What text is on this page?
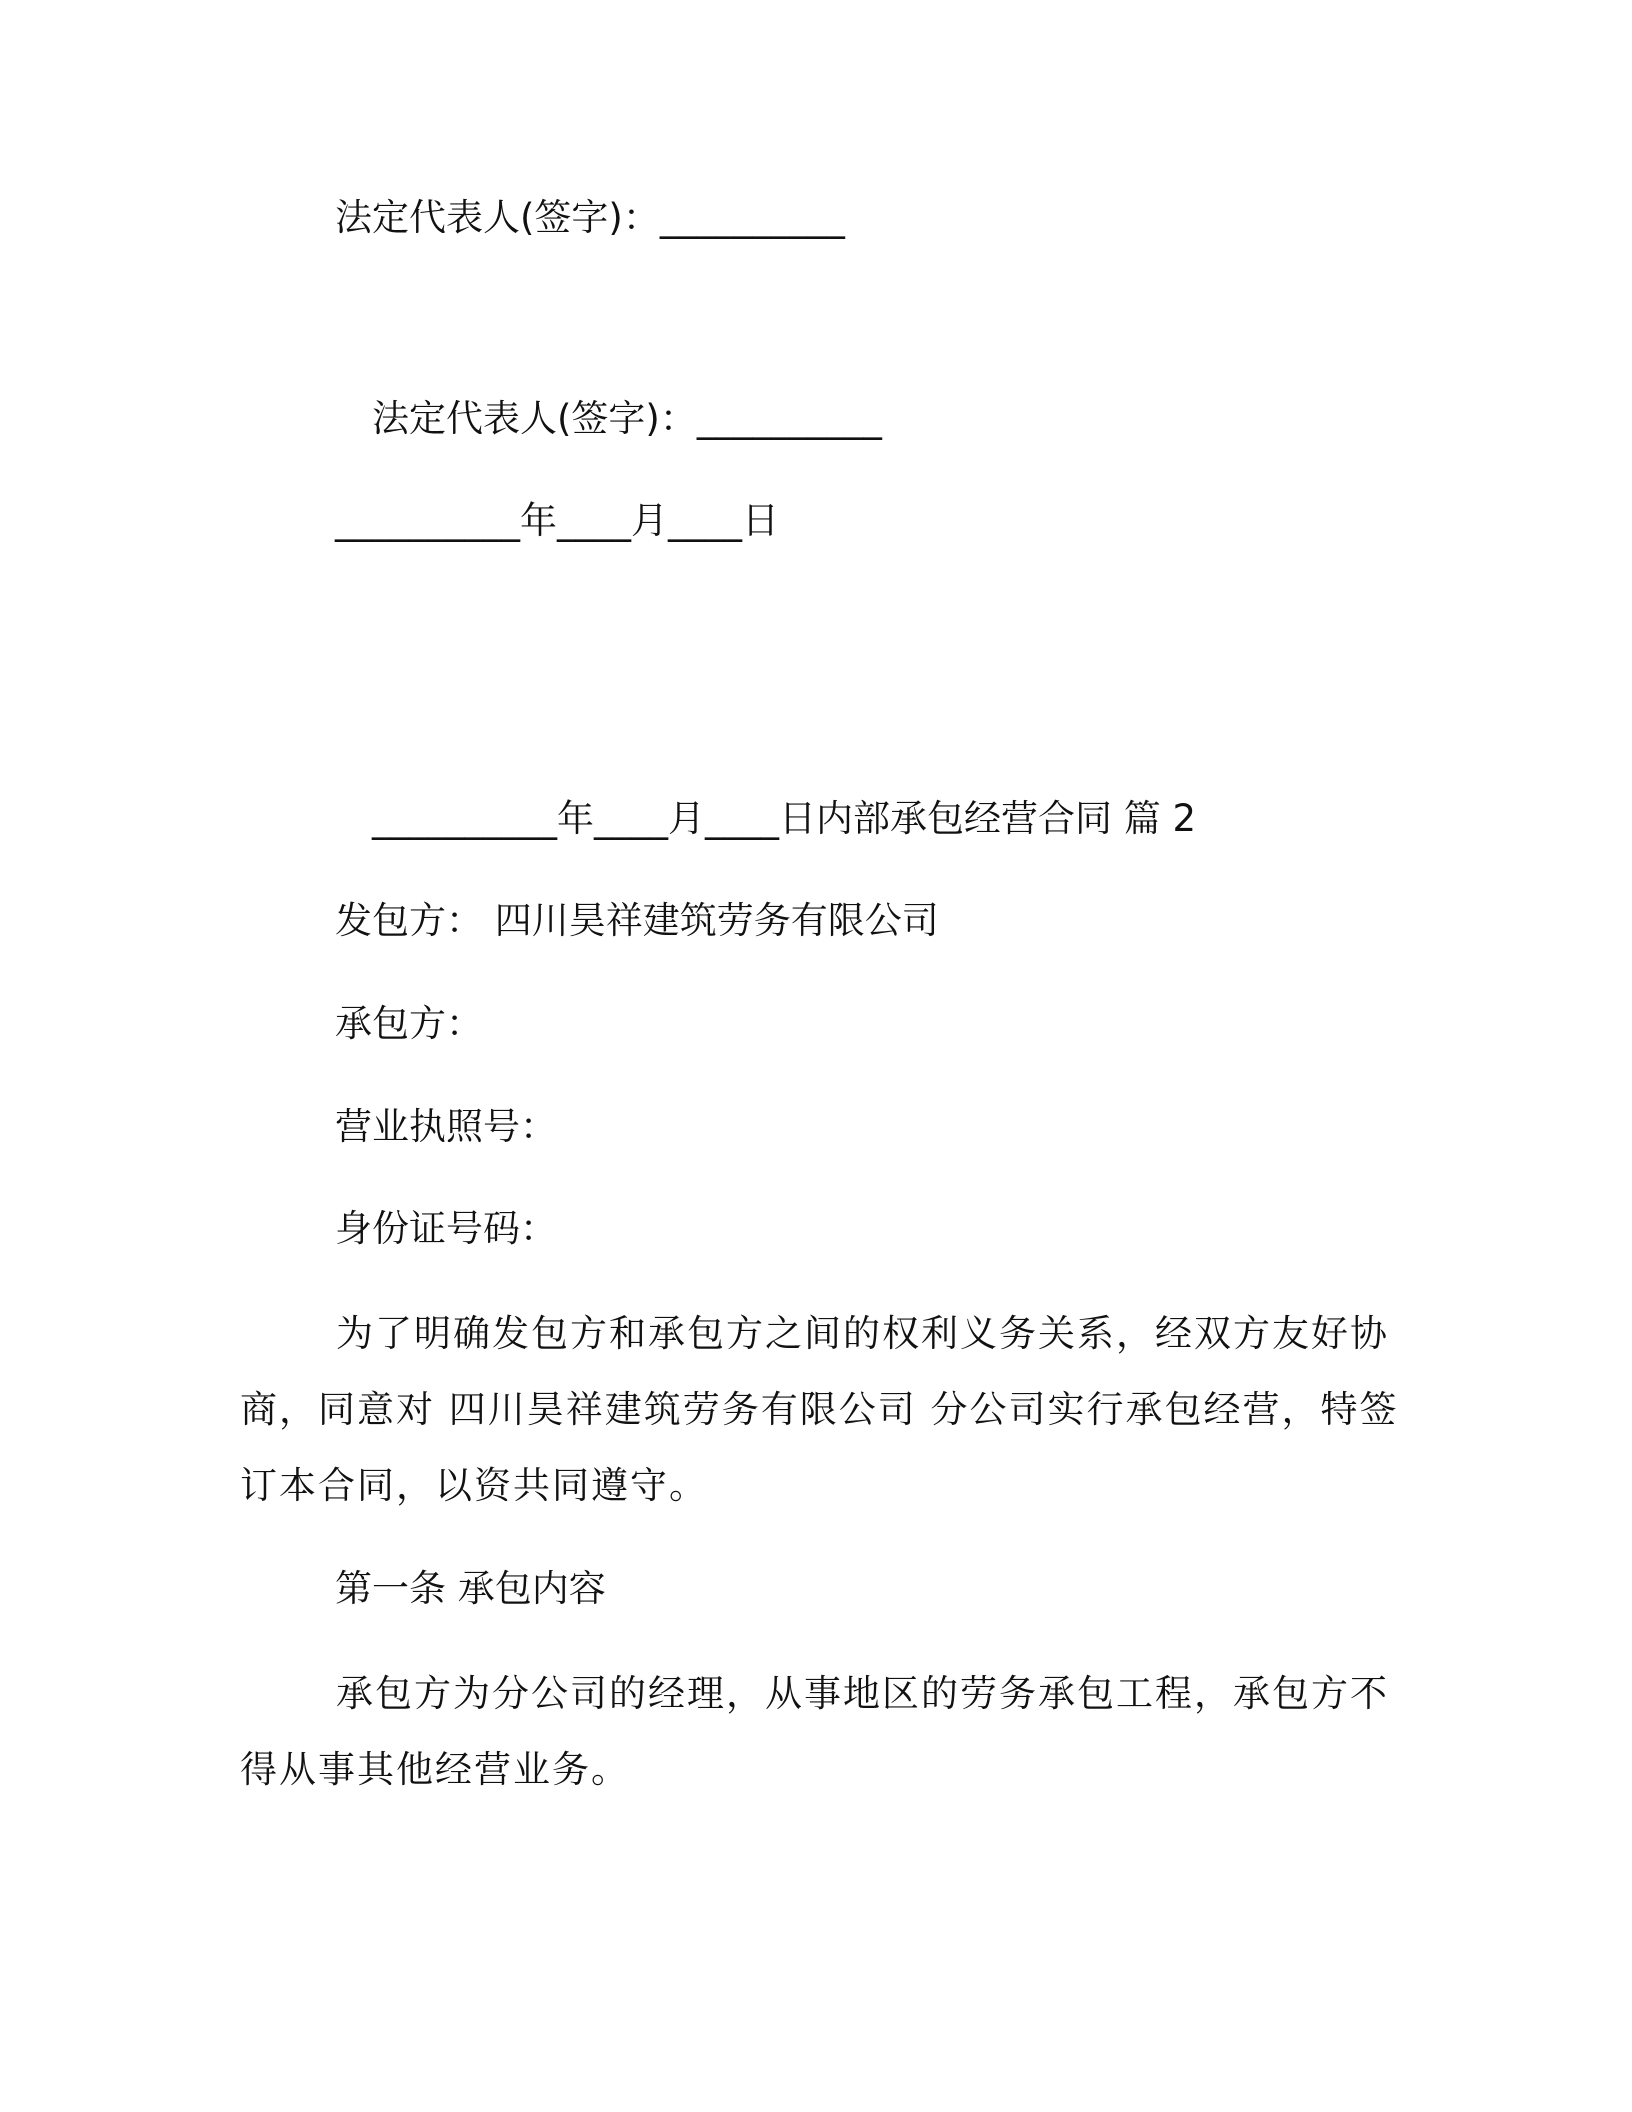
法定代表人(签字)：__________
法定代表人(签字)：__________
__________年____月____日
__________年____月____日内部承包经营合同 篇 2
发包方： 四川昊祥建筑劳务有限公司
承包方：
营业执照号：
身份证号码：
为了明确发包方和承包方之间的权利义务关系，经双方友好协商，同意对 四川昊祥建筑劳务有限公司 分公司实行承包经营，特签订本合同，以资共同遵守。
第一条 承包内容
承包方为分公司的经理，从事地区的劳务承包工程，承包方不得从事其他经营业务。
